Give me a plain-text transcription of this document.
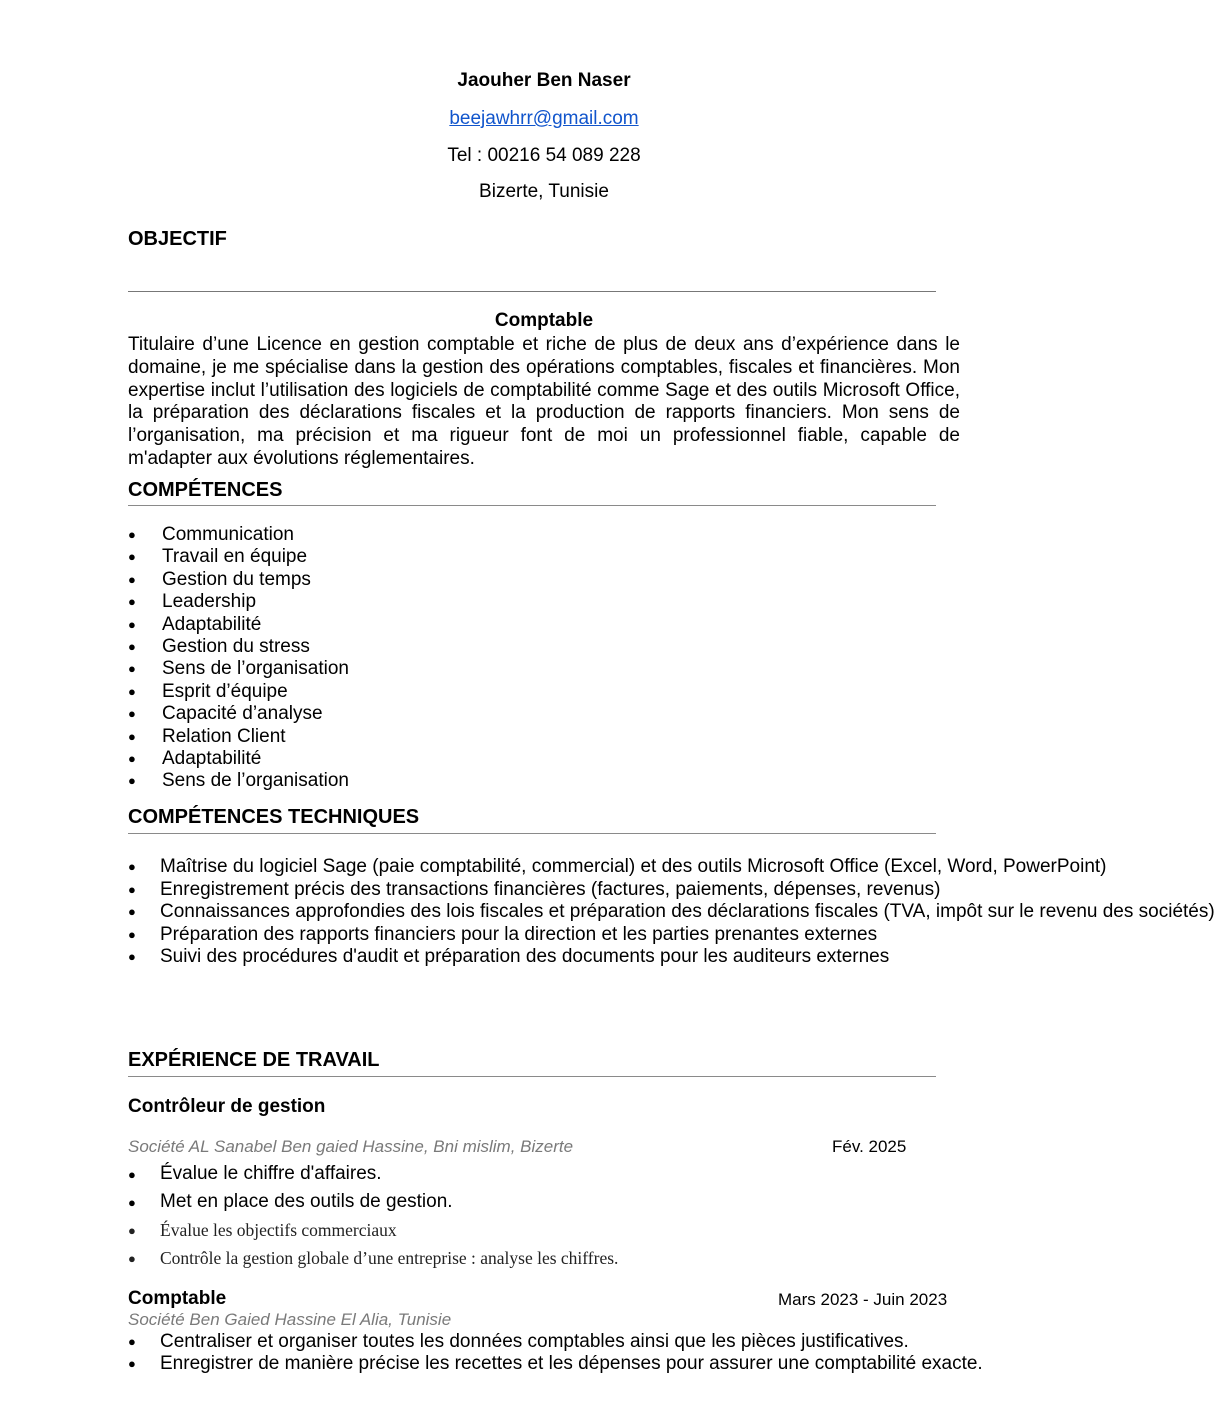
Jaouher Ben Naser
beejawhrr@gmail.com
Tel : 00216 54 089 228
Bizerte, Tunisie
OBJECTIF
Comptable
Titulaire d’une Licence en gestion comptable et riche de plus de deux ans d’expérience dans le domaine, je me spécialise dans la gestion des opérations comptables, fiscales et financières. Mon expertise inclut l’utilisation des logiciels de comptabilité comme Sage et des outils Microsoft Office, la préparation des déclarations fiscales et la production de rapports financiers. Mon sens de l’organisation, ma précision et ma rigueur font de moi un professionnel fiable, capable de m'adapter aux évolutions réglementaires.
COMPÉTENCES
● Communication
● Travail en équipe
● Gestion du temps
● Leadership
● Adaptabilité
● Gestion du stress
● Sens de l’organisation
● Esprit d’équipe
● Capacité d’analyse
● Relation Client
● Adaptabilité
● Sens de l’organisation
COMPÉTENCES TECHNIQUES
● Maîtrise du logiciel Sage (paie comptabilité, commercial) et des outils Microsoft Office (Excel, Word, PowerPoint)
● Enregistrement précis des transactions financières (factures, paiements, dépenses, revenus)
● Connaissances approfondies des lois fiscales et préparation des déclarations fiscales (TVA, impôt sur le revenu des sociétés)
● Préparation des rapports financiers pour la direction et les parties prenantes externes
● Suivi des procédures d'audit et préparation des documents pour les auditeurs externes
EXPÉRIENCE DE TRAVAIL
Contrôleur de gestion
Société AL Sanabel Ben gaied Hassine, Bni mislim, Bizerte	Fév. 2025
● Évalue le chiffre d'affaires.
● Met en place des outils de gestion.
● Évalue les objectifs commerciaux
● Contrôle la gestion globale d’une entreprise : analyse les chiffres.
Comptable	Mars 2023 - Juin 2023
Société Ben Gaied Hassine El Alia, Tunisie
● Centraliser et organiser toutes les données comptables ainsi que les pièces justificatives.
● Enregistrer de manière précise les recettes et les dépenses pour assurer une comptabilité exacte.
